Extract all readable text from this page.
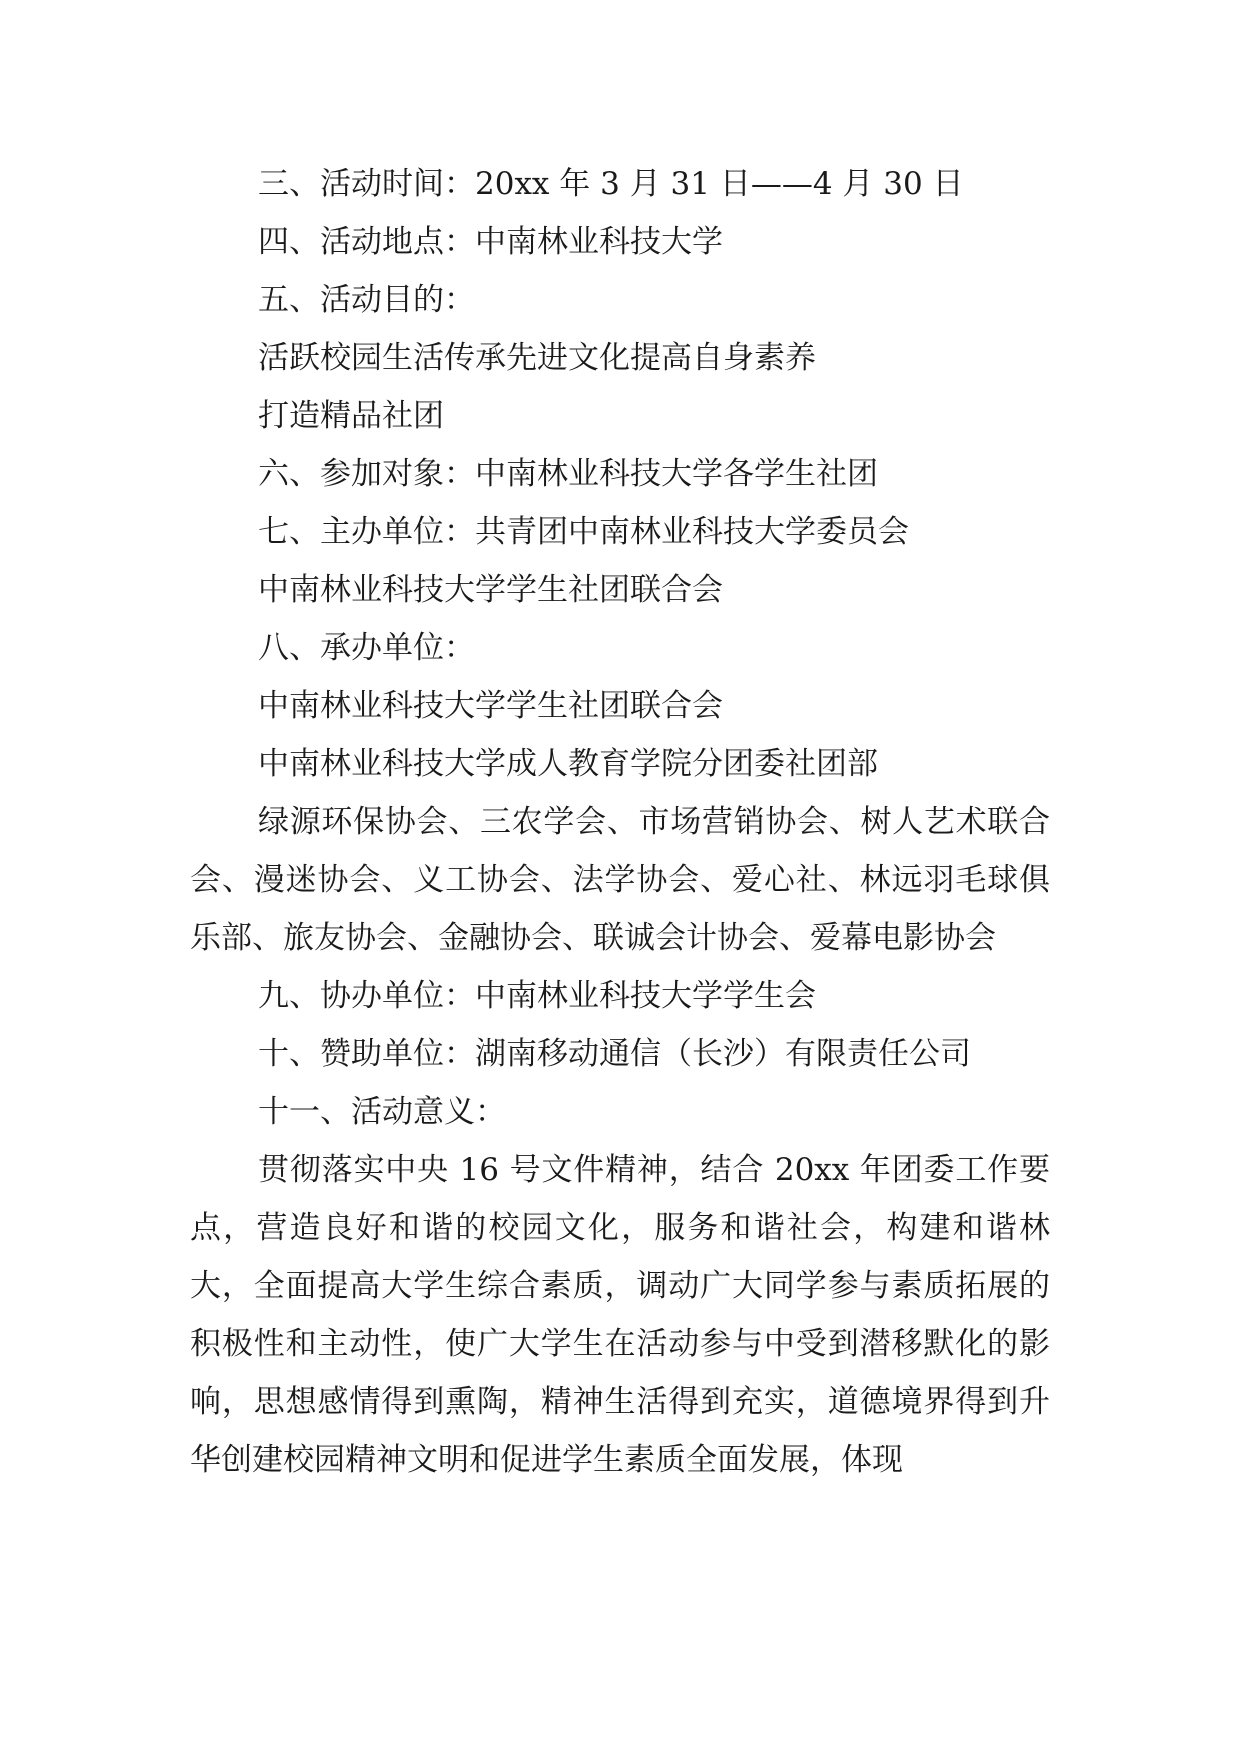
三、活动时间：20xx 年 3 月 31 日——4 月 30 日

四、活动地点：中南林业科技大学

五、活动目的：

活跃校园生活传承先进文化提高自身素养

打造精品社团

六、参加对象：中南林业科技大学各学生社团

七、主办单位：共青团中南林业科技大学委员会

中南林业科技大学学生社团联合会

八、承办单位：

中南林业科技大学学生社团联合会

中南林业科技大学成人教育学院分团委社团部

绿源环保协会、三农学会、市场营销协会、树人艺术联合会、漫迷协会、义工协会、法学协会、爱心社、林远羽毛球俱乐部、旅友协会、金融协会、联诚会计协会、爱幕电影协会

九、协办单位：中南林业科技大学学生会

十、赞助单位：湖南移动通信（长沙）有限责任公司

十一、活动意义：

贯彻落实中央 16 号文件精神，结合 20xx 年团委工作要点，营造良好和谐的校园文化，服务和谐社会，构建和谐林大，全面提高大学生综合素质，调动广大同学参与素质拓展的积极性和主动性，使广大学生在活动参与中受到潜移默化的影响，思想感情得到熏陶，精神生活得到充实，道德境界得到升华创建校园精神文明和促进学生素质全面发展，体现
